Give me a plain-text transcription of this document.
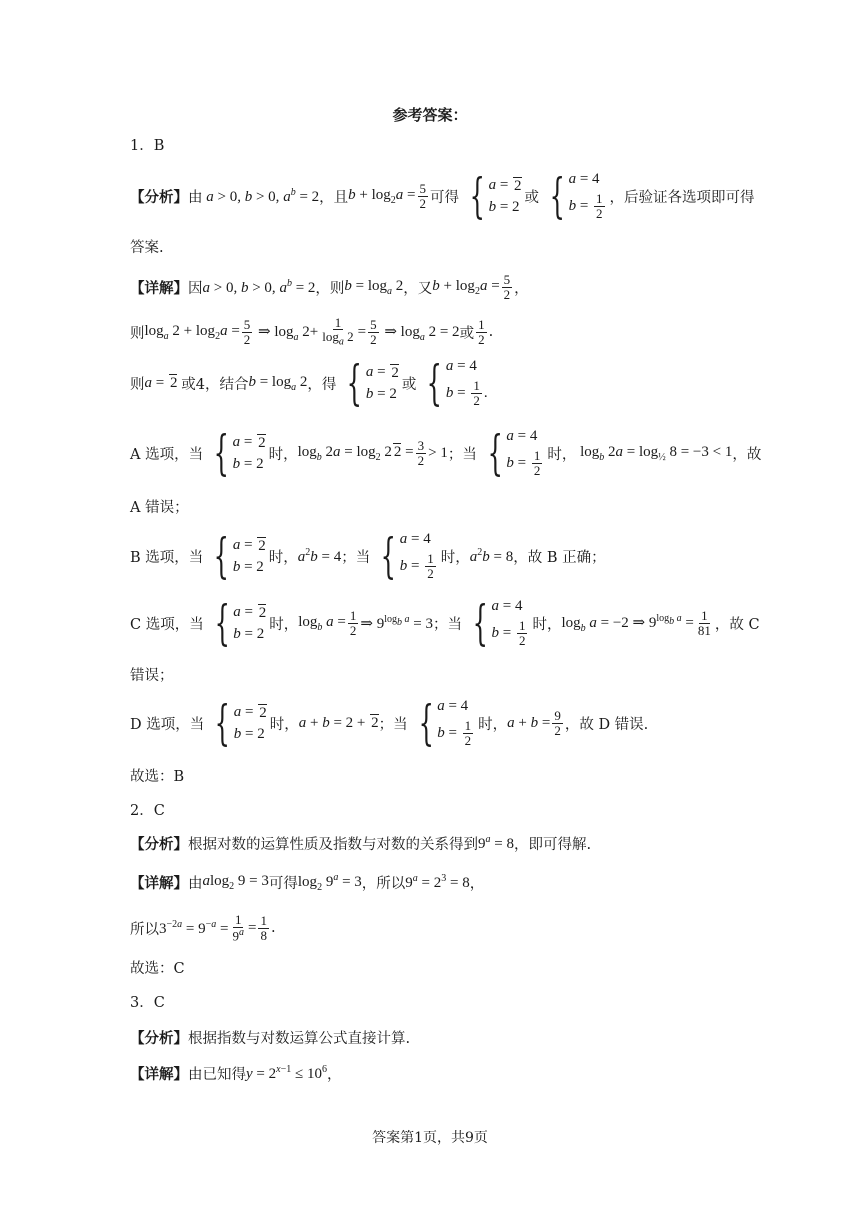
参考答案：
1．B
【分析】 由 a > 0, b > 0, $a^b = 2$ ，且 $b + \log_2a = \frac{5}{2}$ 可得 { a = 2
b = 2
或 { a = 4
$b = \frac{1}{2}$ ，后验证各选项即可得
答案.
【详解】 因 a > 0, b > 0, $a^b = 2$ ，则 $b = \log_a 2$ ，又 $b + \log_2a = \frac{5}{2}$ ，
则 $\log_a 2 + \log_2a = \frac{5}{2}$ ⇒ $\log_a 2+ \frac{1}{\log_a 2} = \frac{5}{2}$ ⇒ $\log_a 2 = 2$ 或 $\frac{1}{2}$ .
则 a = 2 或4，结合 $b = \log_a 2$ ，得 { a = 2
b = 2
或 { a = 4
$b = \frac{1}{2}$ .
A 选项，当 { a = 2
b = 2
时， $\log_b 2a = \log_2 2$ $2 = \frac{3}{2} > 1$ ；当 { a = 4
$b = \frac{1}{2}$ 时， $\log_b 2a = \log_{\frac{1}{2}} 8 = -3 < 1$ ，故
A 错误；
B 选项，当 { a = 2
b = 2
时， $a^2b = 4$ ；当 { a = 4
$b = \frac{1}{2}$ 时， $a^2b = 8$ ，故 B 正确；
C 选项，当 { a = 2
b = 2
时， $\log_b a = \frac{1}{2}$ ⇒ $9^{log_b a} = 3$ ；当 { a = 4
$b = \frac{1}{2}$ 时， $\log_b a = -2$ ⇒ $9^{log_b a} = \frac{1}{81}$ ，故 C
错误；
D 选项，当 { a = 2
b = 2
时， a + b = 2 + 2 ；当 { a = 4
$b = \frac{1}{2}$ 时， $a + b = \frac{9}{2}$ ，故 D 错误.
故选：B
2．C
【分析】 根据对数的运算性质及指数与对数的关系得到 $9^a = 8$ ，即可得解.
【详解】 由 alog$_2$ 9 = 3 可得 $\log_2 9^a = 3$ ，所以 $9^a = 2^3 = 8$ ，
所以 $3^{-2a} = 9^{-a} = \frac{1}{9^a} = \frac{1}{8}$ .
故选：C
3．C
【分析】 根据指数与对数运算公式直接计算.
【详解】 由已知得 $y = 2^{x-1} \le 10^6$ ，
答案第1页，共9页
